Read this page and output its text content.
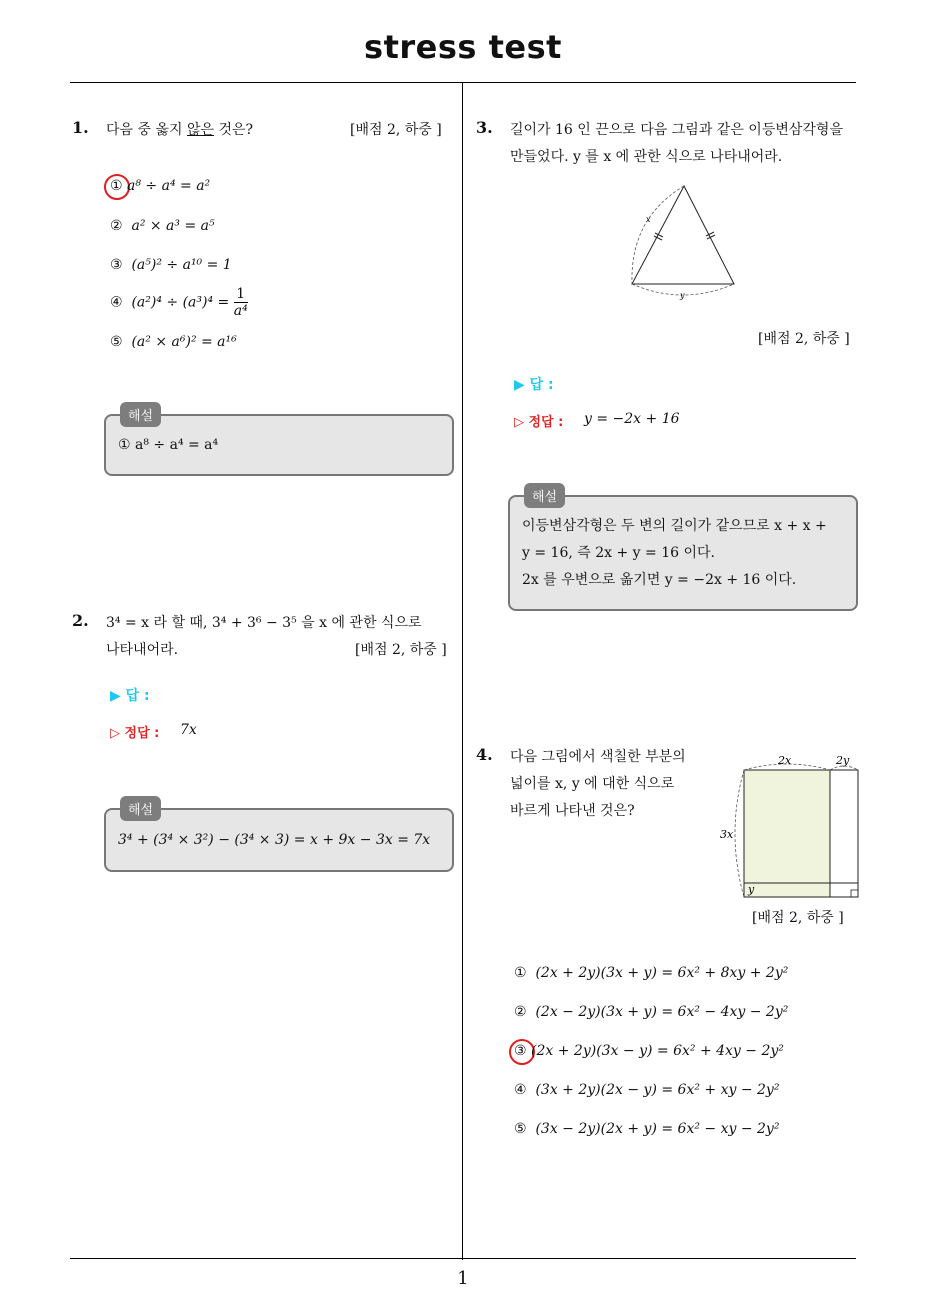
stress test
1
1. 다음 중 옳지 않은 것은?	[배점 2, 하중 ]
① a⁸ ÷ a⁴ = a²
② a² × a³ = a⁵
③ (a⁵)² ÷ a¹⁰ = 1
④ $(a^2)^4 \div (a^3)^4 = \frac{1}{\text{a⁴}}$
⑤ (a² × a⁶)² = a¹⁶
① a⁸ ÷ a⁴ = a⁴
해설
2. 3⁴ = x 라 할 때, 3⁴ + 3⁶ − 3⁵ 을 x 에 관한 식으로
나타내어라.	[배점 2, 하중 ]
▶ 답 :
▷ 정답 : 7x
3⁴ + (3⁴ × 3²) − (3⁴ × 3) = x + 9x − 3x = 7x
해설
3. 길이가 16 인 끈으로 다음 그림과 같은 이등변삼각형을
만들었다. y 를 x 에 관한 식으로 나타내어라.
x
y
[배점 2, 하중 ]
▶ 답 :
▷ 정답 : y = −2x + 16
이등변삼각형은 두 변의 길이가 같으므로 x + x +
y = 16, 즉 2x + y = 16 이다.
2x 를 우변으로 옮기면 y = −2x + 16 이다.
해설
4. 다음 그림에서 색칠한 부분의
넓이를 x, y 에 대한 식으로
바르게 나타낸 것은?
2x	2y
3x
y
[배점 2, 하중 ]
① (2x + 2y)(3x + y) = 6x² + 8xy + 2y²
② (2x − 2y)(3x + y) = 6x² − 4xy − 2y²
③ (2x + 2y)(3x − y) = 6x² + 4xy − 2y²
④ (3x + 2y)(2x − y) = 6x² + xy − 2y²
⑤ (3x − 2y)(2x + y) = 6x² − xy − 2y²
